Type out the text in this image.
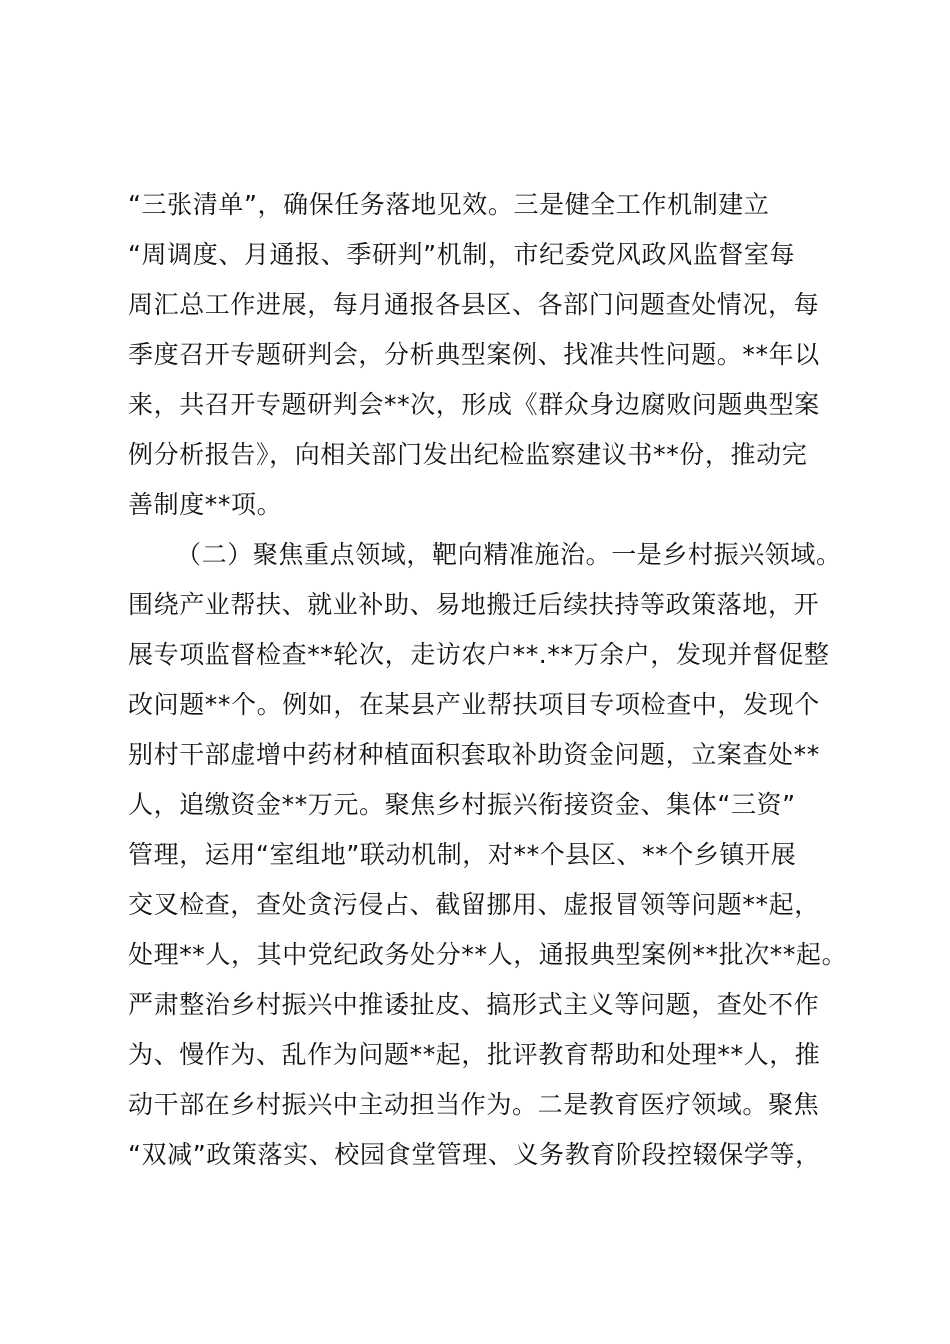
“三张清单”，确保任务落地见效。三是健全工作机制建立
“周调度、月通报、季研判”机制，市纪委党风政风监督室每
周汇总工作进展，每月通报各县区、各部门问题查处情况，每
季度召开专题研判会，分析典型案例、找准共性问题。**年以
来，共召开专题研判会**次，形成《群众身边腐败问题典型案
例分析报告》，向相关部门发出纪检监察建议书**份，推动完
善制度**项。
（二）聚焦重点领域，靶向精准施治。一是乡村振兴领域。
围绕产业帮扶、就业补助、易地搬迁后续扶持等政策落地，开
展专项监督检查**轮次，走访农户**.**万余户，发现并督促整
改问题**个。例如，在某县产业帮扶项目专项检查中，发现个
别村干部虚增中药材种植面积套取补助资金问题，立案查处**
人，追缴资金**万元。聚焦乡村振兴衔接资金、集体“三资”
管理，运用“室组地”联动机制，对**个县区、**个乡镇开展
交叉检查，查处贪污侵占、截留挪用、虚报冒领等问题**起，
处理**人，其中党纪政务处分**人，通报典型案例**批次**起。
严肃整治乡村振兴中推诿扯皮、搞形式主义等问题，查处不作
为、慢作为、乱作为问题**起，批评教育帮助和处理**人，推
动干部在乡村振兴中主动担当作为。二是教育医疗领域。聚焦
“双减”政策落实、校园食堂管理、义务教育阶段控辍保学等，
